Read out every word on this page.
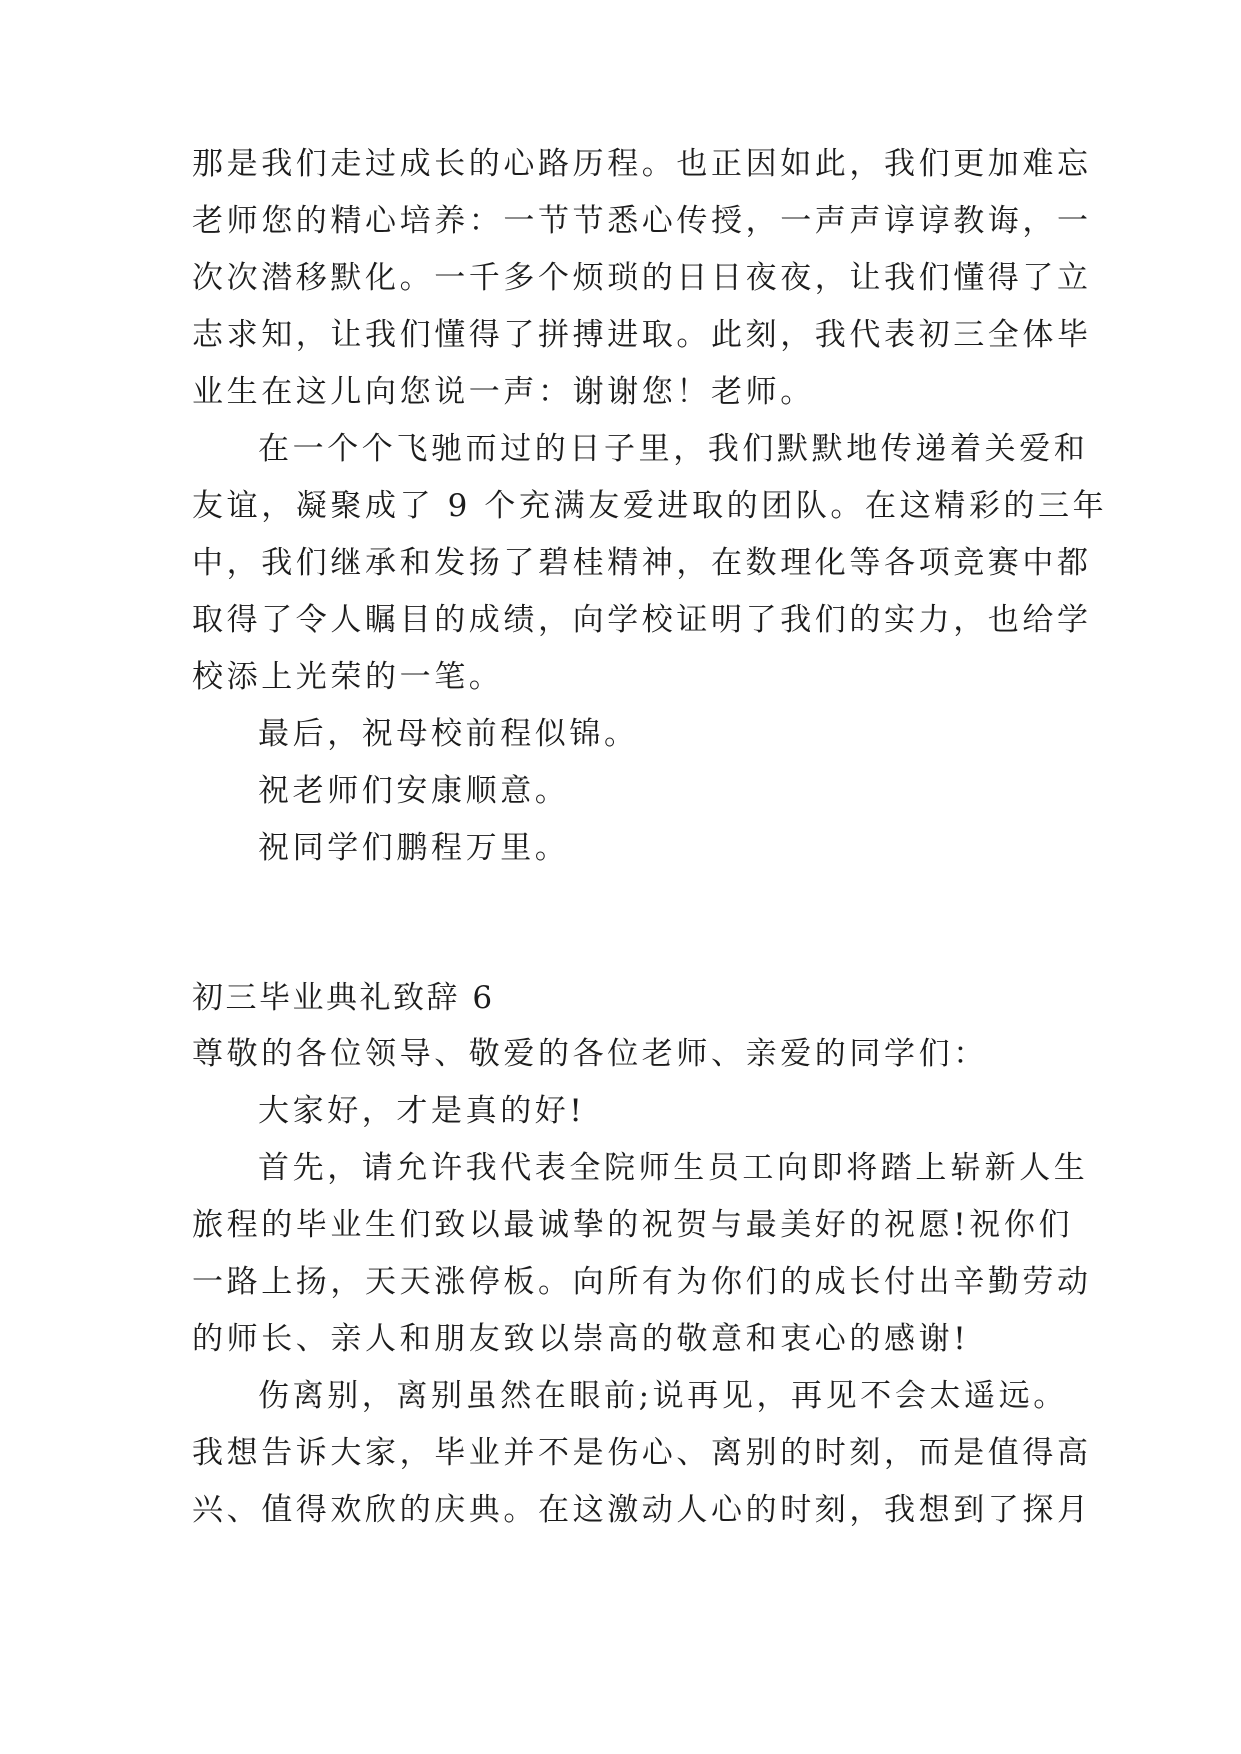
那是我们走过成长的心路历程。也正因如此，我们更加难忘
老师您的精心培养：一节节悉心传授，一声声谆谆教诲，一
次次潜移默化。一千多个烦琐的日日夜夜，让我们懂得了立
志求知，让我们懂得了拼搏进取。此刻，我代表初三全体毕
业生在这儿向您说一声：谢谢您！老师。
在一个个飞驰而过的日子里，我们默默地传递着关爱和
友谊，凝聚成了 9 个充满友爱进取的团队。在这精彩的三年
中，我们继承和发扬了碧桂精神，在数理化等各项竞赛中都
取得了令人瞩目的成绩，向学校证明了我们的实力，也给学
校添上光荣的一笔。
最后，祝母校前程似锦。
祝老师们安康顺意。
祝同学们鹏程万里。
初三毕业典礼致辞 6
尊敬的各位领导、敬爱的各位老师、亲爱的同学们：
大家好，才是真的好!
首先，请允许我代表全院师生员工向即将踏上崭新人生
旅程的毕业生们致以最诚挚的祝贺与最美好的祝愿!祝你们
一路上扬，天天涨停板。向所有为你们的成长付出辛勤劳动
的师长、亲人和朋友致以崇高的敬意和衷心的感谢!
伤离别，离别虽然在眼前;说再见，再见不会太遥远。
我想告诉大家，毕业并不是伤心、离别的时刻，而是值得高
兴、值得欢欣的庆典。在这激动人心的时刻，我想到了探月
